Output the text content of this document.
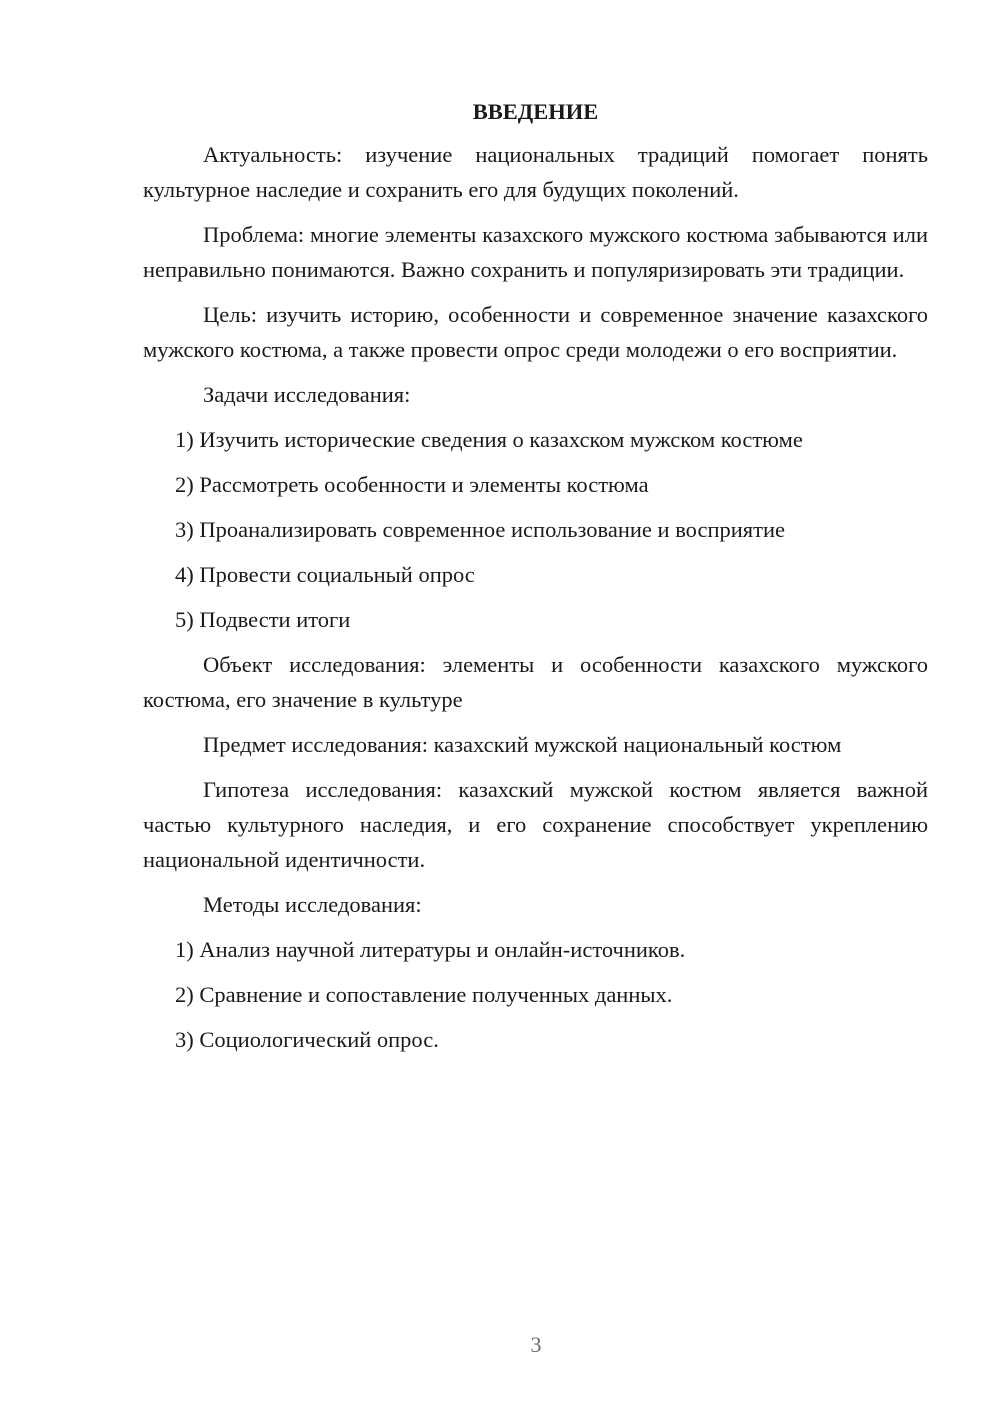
ВВЕДЕНИЕ

Актуальность: изучение национальных традиций помогает понять культурное наследие и сохранить его для будущих поколений.

Проблема: многие элементы казахского мужского костюма забываются или неправильно понимаются. Важно сохранить и популяризировать эти традиции.

Цель: изучить историю, особенности и современное значение казахского мужского костюма, а также провести опрос среди молодежи о его восприятии.

Задачи исследования:

1) Изучить исторические сведения о казахском мужском костюме
2) Рассмотреть особенности и элементы костюма
3) Проанализировать современное использование и восприятие
4) Провести социальный опрос
5) Подвести итоги

Объект исследования: элементы и особенности казахского мужского костюма, его значение в культуре

Предмет исследования: казахский мужской национальный костюм

Гипотеза исследования: казахский мужской костюм является важной частью культурного наследия, и его сохранение способствует укреплению национальной идентичности.

Методы исследования:

1) Анализ научной литературы и онлайн-источников.
2) Сравнение и сопоставление полученных данных.
3) Социологический опрос.
3
